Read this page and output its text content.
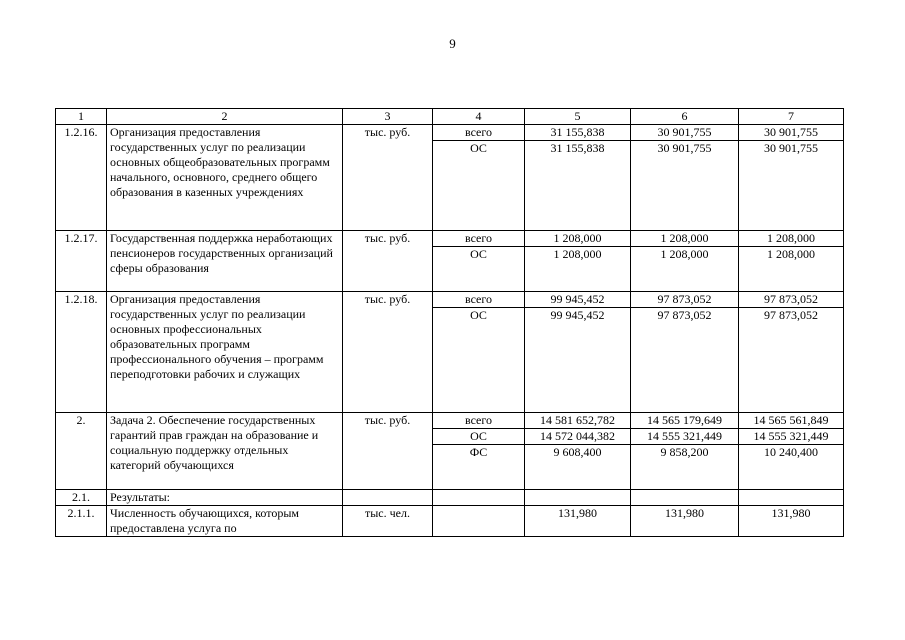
9
1	2	3	4	5	6	7
1.2.16.	Организация предоставления государственных услуг по реализации основных общеобразовательных программ начального, основного, среднего общего образования в казенных учреждениях	тыс. руб.	всего	31 155,838	30 901,755	30 901,755
			ОС	31 155,838	30 901,755	30 901,755
1.2.17.	Государственная поддержка неработающих пенсионеров государственных организаций сферы образования	тыс. руб.	всего	1 208,000	1 208,000	1 208,000
			ОС	1 208,000	1 208,000	1 208,000
1.2.18.	Организация предоставления государственных услуг по реализации основных профессиональных образовательных программ профессионального обучения – программ переподготовки рабочих и служащих	тыс. руб.	всего	99 945,452	97 873,052	97 873,052
			ОС	99 945,452	97 873,052	97 873,052
2.	Задача 2. Обеспечение государственных гарантий прав граждан на образование и социальную поддержку отдельных категорий обучающихся	тыс. руб.	всего	14 581 652,782	14 565 179,649	14 565 561,849
			ОС	14 572 044,382	14 555 321,449	14 555 321,449
			ФС	9 608,400	9 858,200	10 240,400
2.1.	Результаты:					
2.1.1.	Численность обучающихся, которым предоставлена услуга по	тыс. чел.		131,980	131,980	131,980
